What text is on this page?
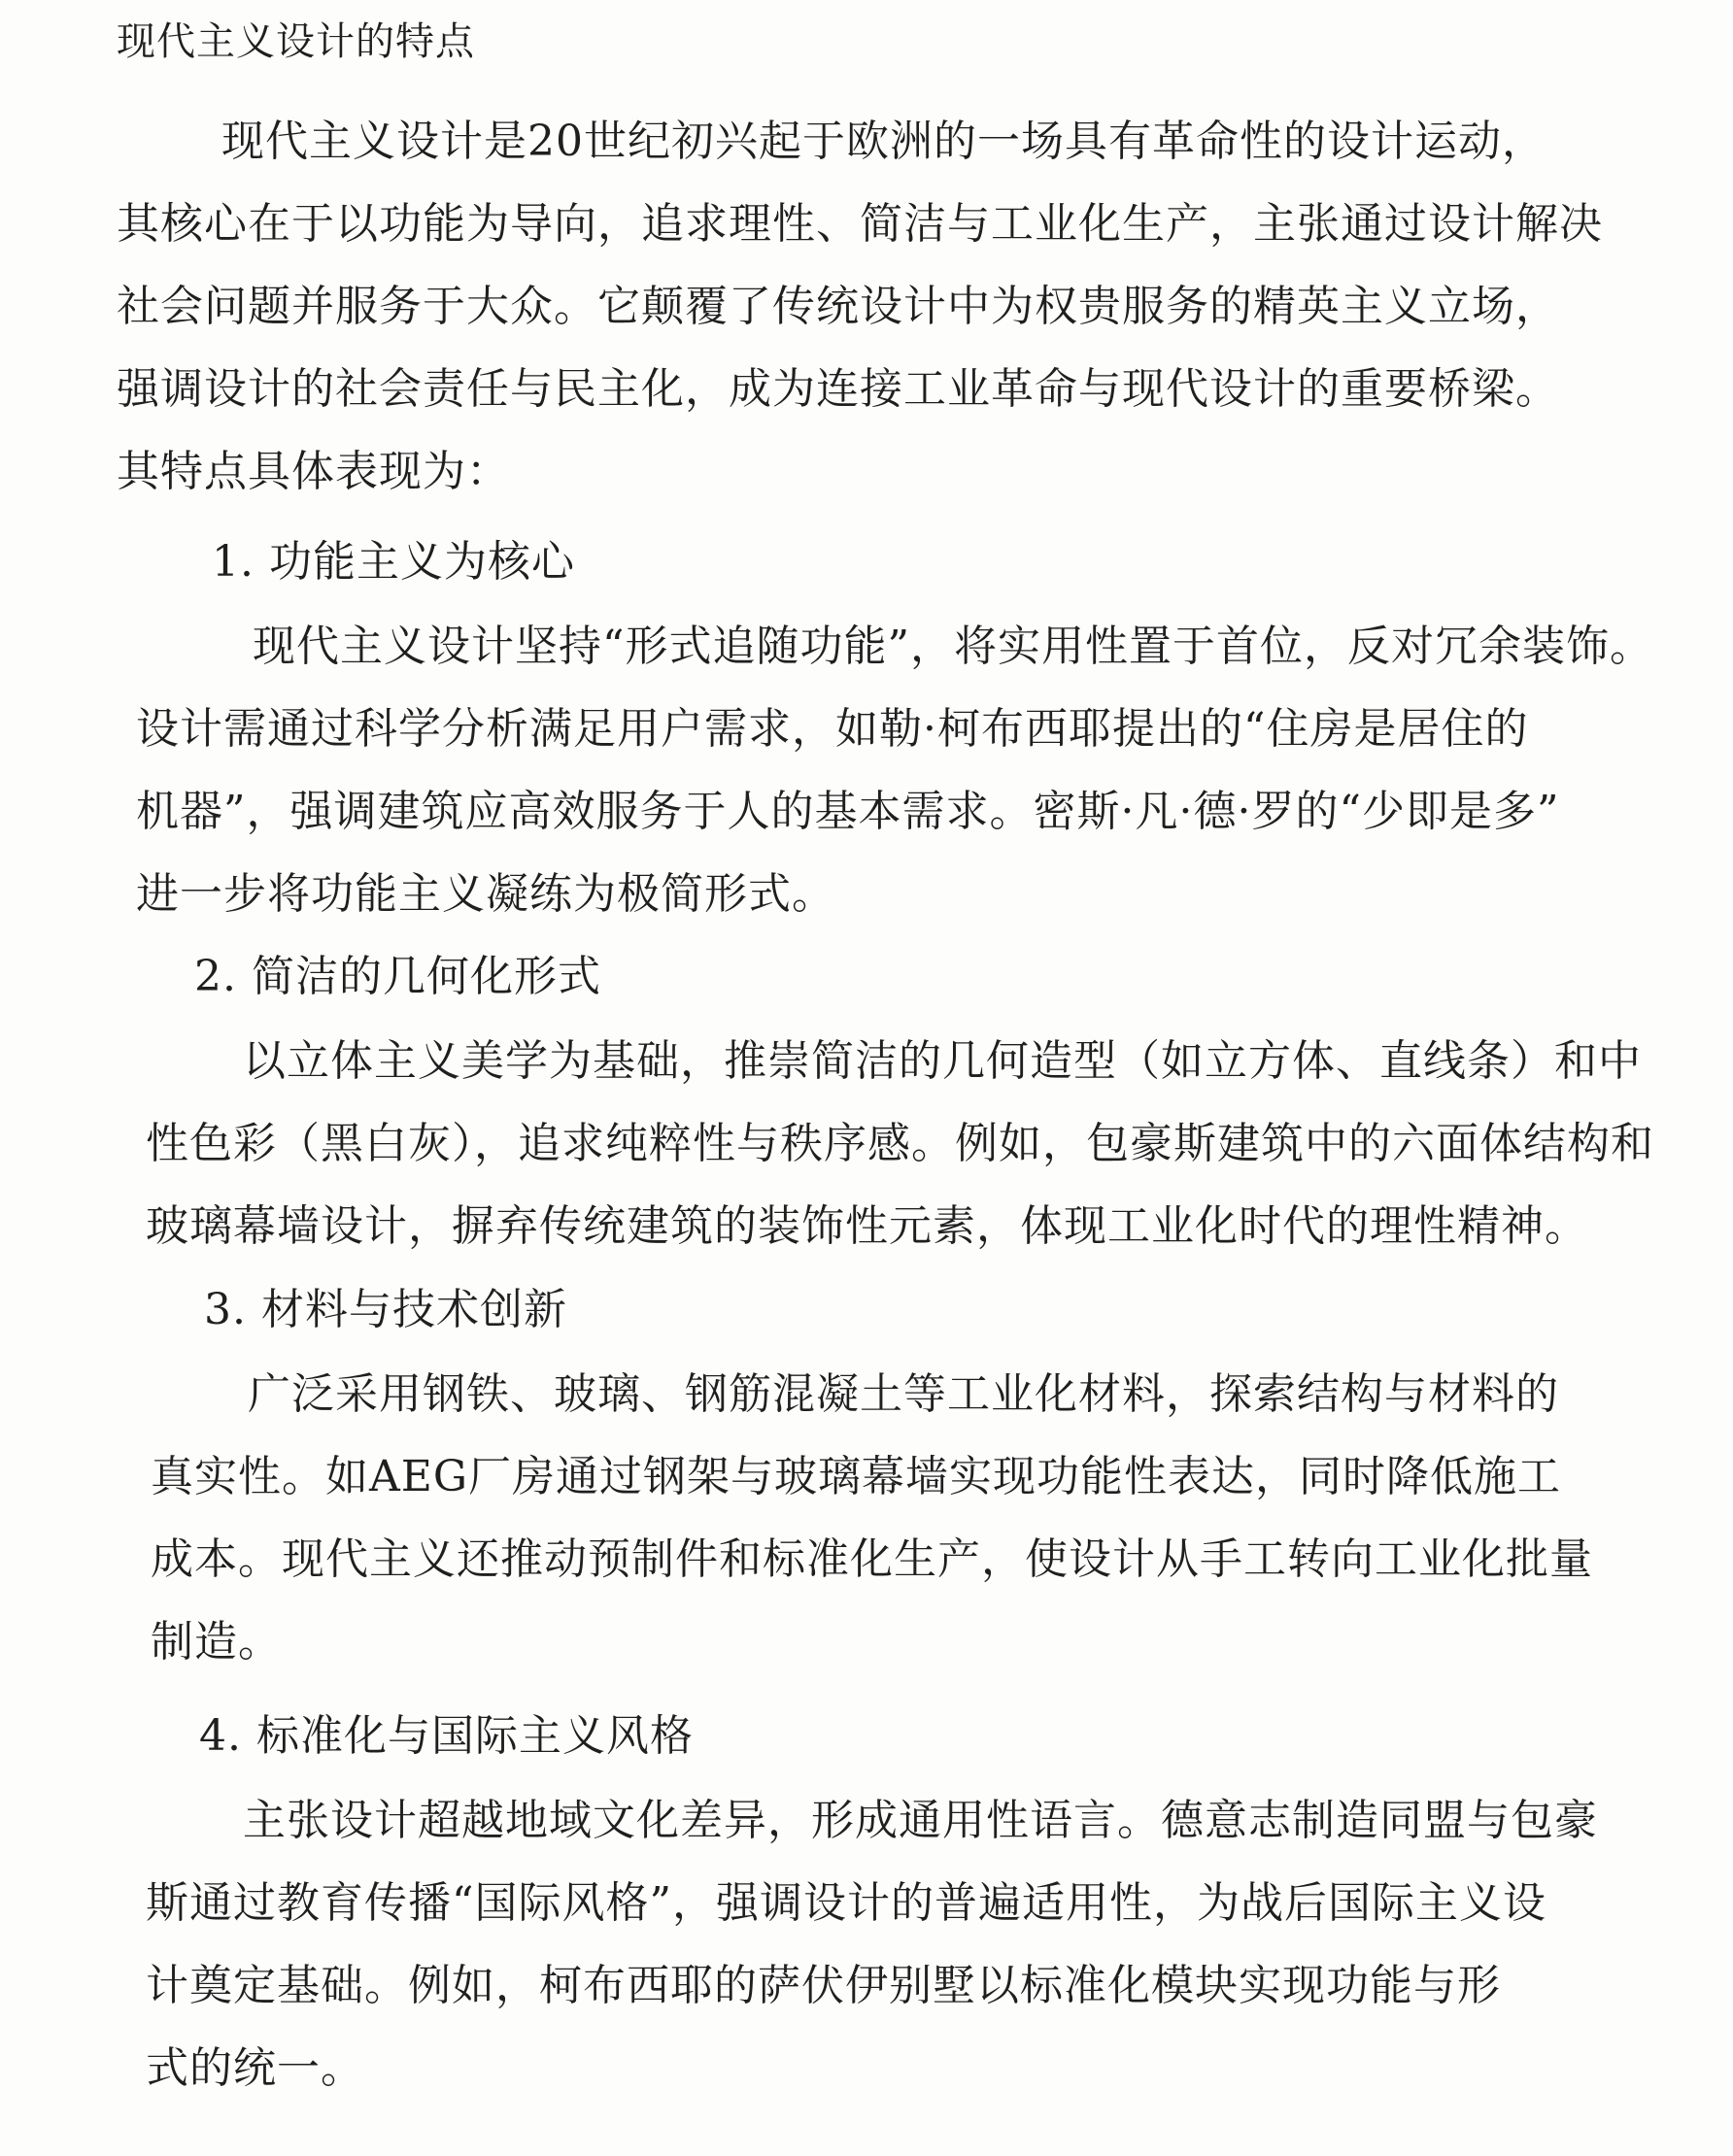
现代主义设计的特点
现代主义设计是20世纪初兴起于欧洲的一场具有革命性的设计运动，
其核心在于以功能为导向，追求理性、简洁与工业化生产，主张通过设计解决
社会问题并服务于大众。它颠覆了传统设计中为权贵服务的精英主义立场，
强调设计的社会责任与民主化，成为连接工业革命与现代设计的重要桥梁。
其特点具体表现为：
1. 功能主义为核心
现代主义设计坚持“形式追随功能”，将实用性置于首位，反对冗余装饰。
设计需通过科学分析满足用户需求，如勒·柯布西耶提出的“住房是居住的
机器”，强调建筑应高效服务于人的基本需求。密斯·凡·德·罗的“少即是多”
进一步将功能主义凝练为极简形式。
2. 简洁的几何化形式
以立体主义美学为基础，推崇简洁的几何造型（如立方体、直线条）和中
性色彩（黑白灰），追求纯粹性与秩序感。例如，包豪斯建筑中的六面体结构和
玻璃幕墙设计，摒弃传统建筑的装饰性元素，体现工业化时代的理性精神。
3. 材料与技术创新
广泛采用钢铁、玻璃、钢筋混凝土等工业化材料，探索结构与材料的
真实性。如AEG厂房通过钢架与玻璃幕墙实现功能性表达，同时降低施工
成本。现代主义还推动预制件和标准化生产，使设计从手工转向工业化批量
制造。
4. 标准化与国际主义风格
主张设计超越地域文化差异，形成通用性语言。德意志制造同盟与包豪
斯通过教育传播“国际风格”，强调设计的普遍适用性，为战后国际主义设
计奠定基础。例如，柯布西耶的萨伏伊别墅以标准化模块实现功能与形
式的统一。
